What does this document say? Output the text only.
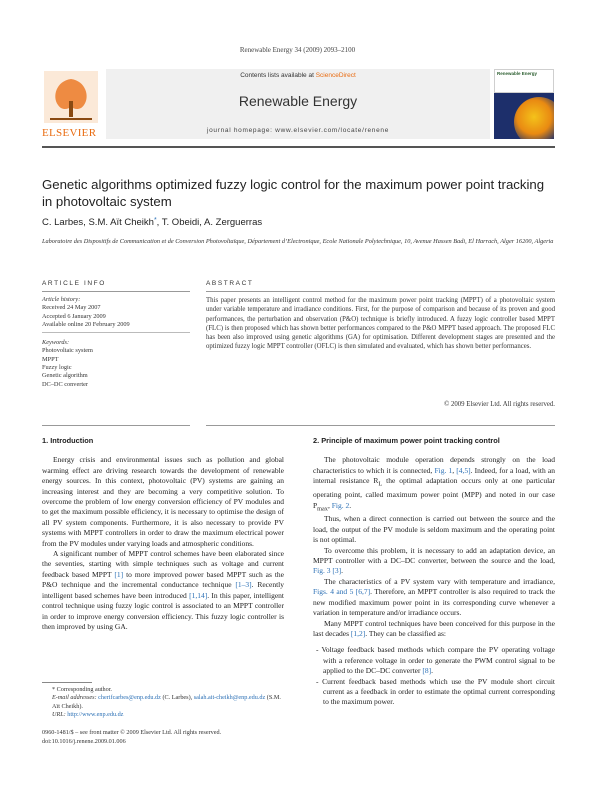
Renewable Energy 34 (2009) 2093–2100
ELSEVIER
Contents lists available at ScienceDirect
Renewable Energy
journal homepage: www.elsevier.com/locate/renene
Renewable Energy
Genetic algorithms optimized fuzzy logic control for the maximum power point tracking in photovoltaic system
C. Larbes, S.M. Aït Cheikh*, T. Obeidi, A. Zerguerras
Laboratoire des Dispositifs de Communication et de Conversion Photovoltaïque, Département d’Electronique, Ecole Nationale Polytechnique, 10, Avenue Hassen Badi, El Harrach, Alger 16200, Algeria
ARTICLE INFO
Article history:
Received 24 May 2007
Accepted 6 January 2009
Available online 20 February 2009
Keywords:
Photovoltaic system
MPPT
Fuzzy logic
Genetic algorithm
DC–DC converter
ABSTRACT
This paper presents an intelligent control method for the maximum power point tracking (MPPT) of a photovoltaic system under variable temperature and irradiance conditions. First, for the purpose of comparison and because of its proven and good performances, the perturbation and observation (P&O) technique is briefly introduced. A fuzzy logic controller based MPPT (FLC) is then proposed which has shown better performances compared to the P&O MPPT based approach. The proposed FLC has been also improved using genetic algorithms (GA) for optimisation. Different development stages are presented and the optimized fuzzy logic MPPT controller (OFLC) is then simulated and evaluated, which has shown better performances.
© 2009 Elsevier Ltd. All rights reserved.
1. Introduction
Energy crisis and environmental issues such as pollution and global warming effect are driving research towards the development of renewable energy sources. In this context, photovoltaic (PV) systems are gaining an increasing interest and they are becoming a very competitive solution. To overcome the problem of low energy conversion efficiency of PV modules and to get the maximum possible efficiency, it is necessary to optimise the design of all PV system components. Furthermore, it is also necessary to provide PV systems with MPPT controllers in order to draw the maximum electrical power from the PV modules under varying loads and atmospheric conditions.
A significant number of MPPT control schemes have been elaborated since the seventies, starting with simple techniques such as voltage and current feedback based MPPT [1] to more improved power based MPPT such as the P&O technique and the incremental conductance technique [1–3]. Recently intelligent based schemes have been introduced [1,14]. In this paper, intelligent control technique using fuzzy logic control is associated to an MPPT controller in order to improve energy conversion efficiency. This fuzzy logic controller is then improved by using GA.
2. Principle of maximum power point tracking control
The photovoltaic module operation depends strongly on the load characteristics to which it is connected, Fig. 1, [4,5]. Indeed, for a load, with an internal resistance $R_L$ the optimal adaptation occurs only at one particular operating point, called maximum power point (MPP) and noted in our case $P_{max}$, Fig. 2.
Thus, when a direct connection is carried out between the source and the load, the output of the PV module is seldom maximum and the operating point is not optimal.
To overcome this problem, it is necessary to add an adaptation device, an MPPT controller with a DC–DC converter, between the source and the load, Fig. 3 [3].
The characteristics of a PV system vary with temperature and irradiance, Figs. 4 and 5 [6,7]. Therefore, an MPPT controller is also required to track the new modified maximum power point in its corresponding curve whenever a variation in temperature and/or irradiance occurs.
Many MPPT control techniques have been conceived for this purpose in the last decades [1,2]. They can be classified as:
- Voltage feedback based methods which compare the PV operating voltage with a reference voltage in order to generate the PWM control signal to be applied to the DC–DC converter [8].
- Current feedback based methods which use the PV module short circuit current as a feedback in order to estimate the optimal current corresponding to the maximum power.
* Corresponding author.
E-mail addresses: cherifcarbes@enp.edu.dz (C. Larbes), salah.ait-cheikh@enp.edu.dz (S.M. Aït Cheikh).
URL: http://www.enp.edu.dz
0960-1481/$ – see front matter © 2009 Elsevier Ltd. All rights reserved.
doi:10.1016/j.renene.2009.01.006
